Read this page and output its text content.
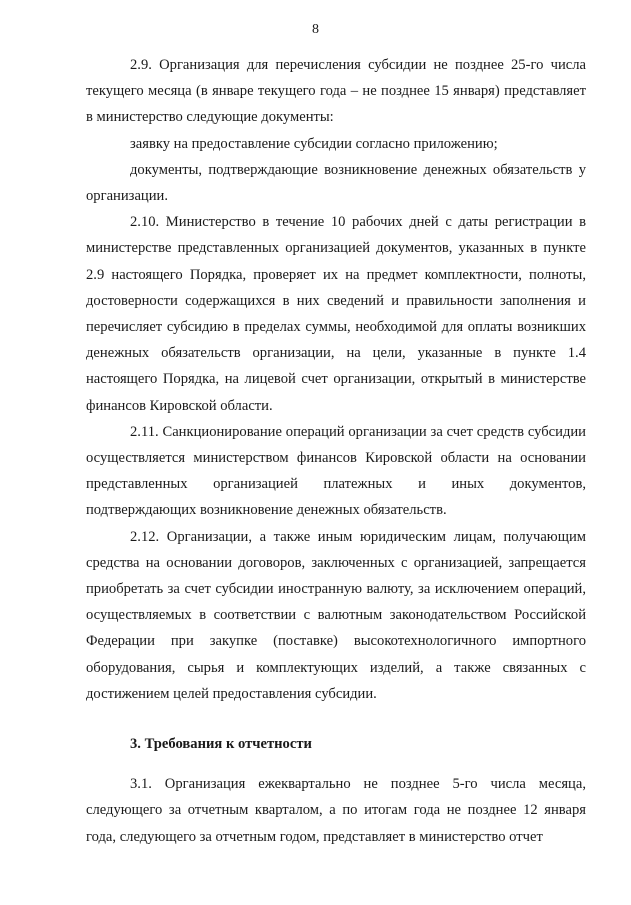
8

2.9. Организация для перечисления субсидии не позднее 25-го числа текущего месяца (в январе текущего года – не позднее 15 января) представляет в министерство следующие документы:

заявку на предоставление субсидии согласно приложению;

документы, подтверждающие возникновение денежных обязательств у организации.

2.10. Министерство в течение 10 рабочих дней с даты регистрации в министерстве представленных организацией документов, указанных в пункте 2.9 настоящего Порядка, проверяет их на предмет комплектности, полноты, достоверности содержащихся в них сведений и правильности заполнения и перечисляет субсидию в пределах суммы, необходимой для оплаты возникших денежных обязательств организации, на цели, указанные в пункте 1.4 настоящего Порядка, на лицевой счет организации, открытый в министерстве финансов Кировской области.

2.11. Санкционирование операций организации за счет средств субсидии осуществляется министерством финансов Кировской области на основании представленных организацией платежных и иных документов, подтверждающих возникновение денежных обязательств.

2.12. Организации, а также иным юридическим лицам, получающим средства на основании договоров, заключенных с организацией, запрещается приобретать за счет субсидии иностранную валюту, за исключением операций, осуществляемых в соответствии с валютным законодательством Российской Федерации при закупке (поставке) высокотехнологичного импортного оборудования, сырья и комплектующих изделий, а также связанных с достижением целей предоставления субсидии.

3. Требования к отчетности

3.1. Организация ежеквартально не позднее 5-го числа месяца, следующего за отчетным кварталом, а по итогам года не позднее 12 января года, следующего за отчетным годом, представляет в министерство отчет
